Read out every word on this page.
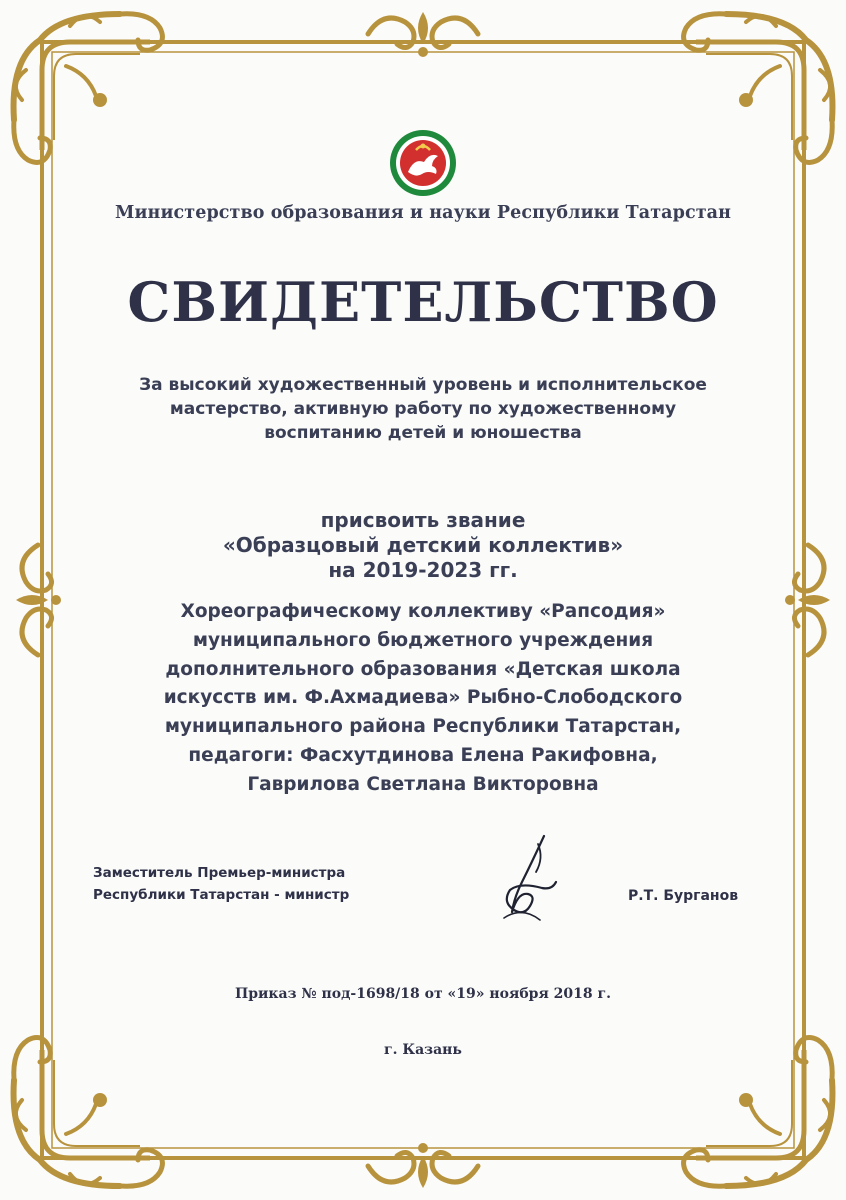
Министерство образования и науки Республики Татарстан
СВИДЕТЕЛЬСТВО
За высокий художественный уровень и исполнительское
мастерство, активную работу по художественному
воспитанию детей и юношества
присвоить звание
«Образцовый детский коллектив»
на 2019-2023 гг.
Хореографическому коллективу «Рапсодия»
муниципального бюджетного учреждения
дополнительного образования «Детская школа
искусств им. Ф.Ахмадиева» Рыбно-Слободского
муниципального района Республики Татарстан,
педагоги: Фасхутдинова Елена Ракифовна,
Гаврилова Светлана Викторовна
Заместитель Премьер-министра
Республики Татарстан - министр	Р.Т. Бурганов
Приказ № под-1698/18 от «19» ноября 2018 г.
г. Казань
